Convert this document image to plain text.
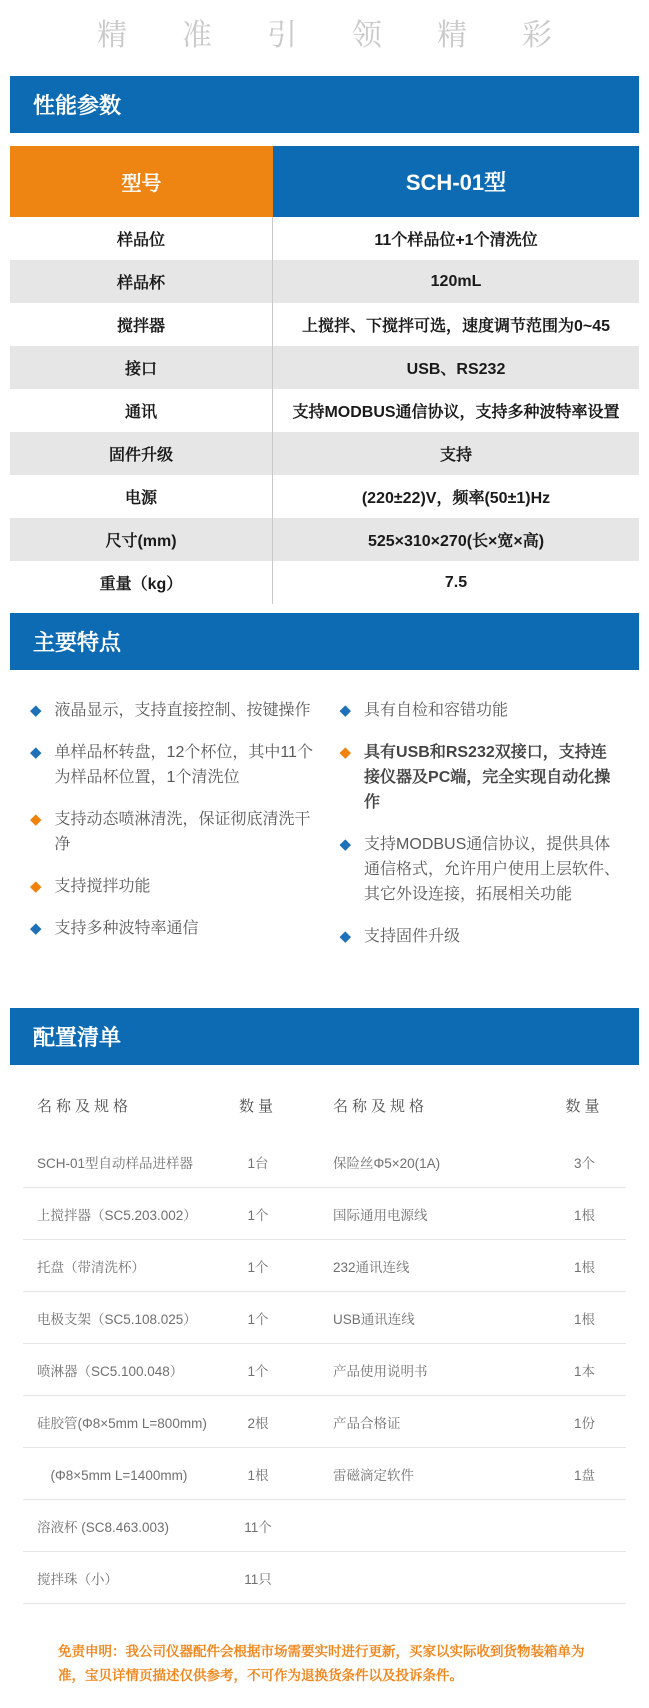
精准引领精彩
性能参数
型号	SCH-01型
样品位	11个样品位+1个清洗位
样品杯	120mL
搅拌器	上搅拌、下搅拌可选，速度调节范围为0~45
接口	USB、RS232
通讯	支持MODBUS通信协议，支持多种波特率设置
固件升级	支持
电源	(220±22)V，频率(50±1)Hz
尺寸(mm)	525×310×270(长×宽×高)
重量（kg）	7.5
主要特点
◆ 液晶显示，支持直接控制、按键操作
◆ 单样品杯转盘，12个杯位，其中11个为样品杯位置，1个清洗位
◆ 支持动态喷淋清洗，保证彻底清洗干净
◆ 支持搅拌功能
◆ 支持多种波特率通信
◆ 具有自检和容错功能
◆ 具有USB和RS232双接口，支持连接仪器及PC端，完全实现自动化操作
◆ 支持MODBUS通信协议，提供具体通信格式，允许用户使用上层软件、其它外设连接，拓展相关功能
◆ 支持固件升级
配置清单
名称及规格	数量	名称及规格	数量
SCH-01型自动样品进样器	1台	保险丝Φ5×20(1A)	3个
上搅拌器（SC5.203.002）	1个	国际通用电源线	1根
托盘（带清洗杯）	1个	232通讯连线	1根
电极支架（SC5.108.025）	1个	USB通讯连线	1根
喷淋器（SC5.100.048）	1个	产品使用说明书	1本
硅胶管(Φ8×5mm L=800mm)	2根	产品合格证	1份
　(Φ8×5mm L=1400mm)	1根	雷磁滴定软件	1盘
溶液杯 (SC8.463.003)	11个
搅拌珠（小）	11只
免责申明：我公司仪器配件会根据市场需要实时进行更新，买家以实际收到货物装箱单为准，宝贝详情页描述仅供参考，不可作为退换货条件以及投诉条件。
